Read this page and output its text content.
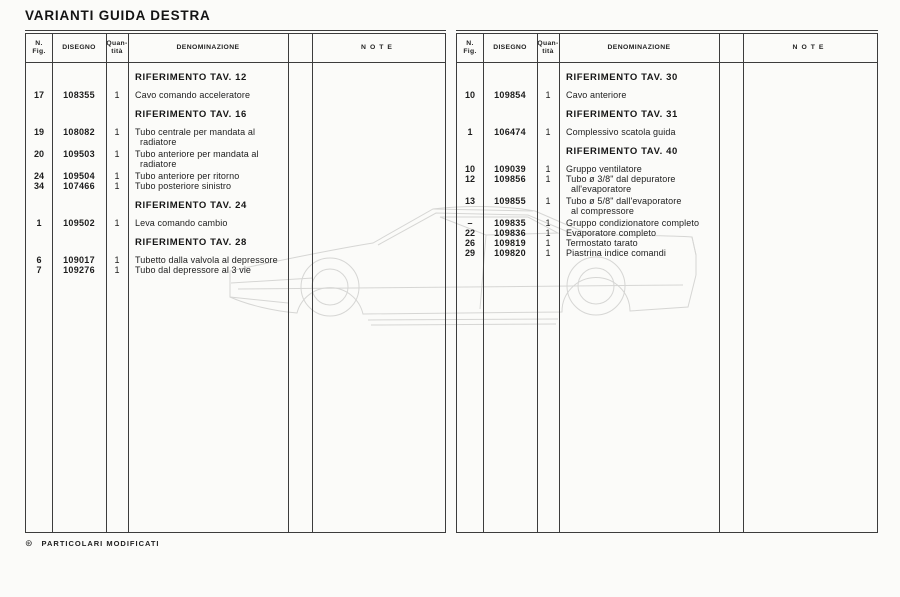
VARIANTI GUIDA DESTRA
N.
Fig.
DISEGNO
Quan-
tità
DENOMINAZIONE	NOTE
RIFERIMENTO TAV. 12
17	108355	1	Cavo comando acceleratore
RIFERIMENTO TAV. 16
19	108082	1	Tubo centrale per mandata al
radiatore
20	109503	1	Tubo anteriore per mandata al
radiatore
24	109504	1	Tubo anteriore per ritorno
34	107466	1	Tubo posteriore sinistro
RIFERIMENTO TAV. 24
1	109502	1	Leva comando cambio
RIFERIMENTO TAV. 28
6	109017	1	Tubetto dalla valvola al depressore
7	109276	1	Tubo dal depressore al 3 vie
N.
Fig.
DISEGNO
Quan-
tità
DENOMINAZIONE	NOTE
RIFERIMENTO TAV. 30
10	109854	1	Cavo anteriore
RIFERIMENTO TAV. 31
1	106474	1	Complessivo scatola guida
RIFERIMENTO TAV. 40
10	109039	1	Gruppo ventilatore
12	109856	1	Tubo ø 3/8" dal depuratore
all'evaporatore
13	109855	1	Tubo ø 5/8" dall'evaporatore
al compressore
–	109835	1	Gruppo condizionatore completo
22	109836	1	Evaporatore completo
26	109819	1	Termostato tarato
29	109820	1	Piastrina indice comandi
⊛ PARTICOLARI MODIFICATI
